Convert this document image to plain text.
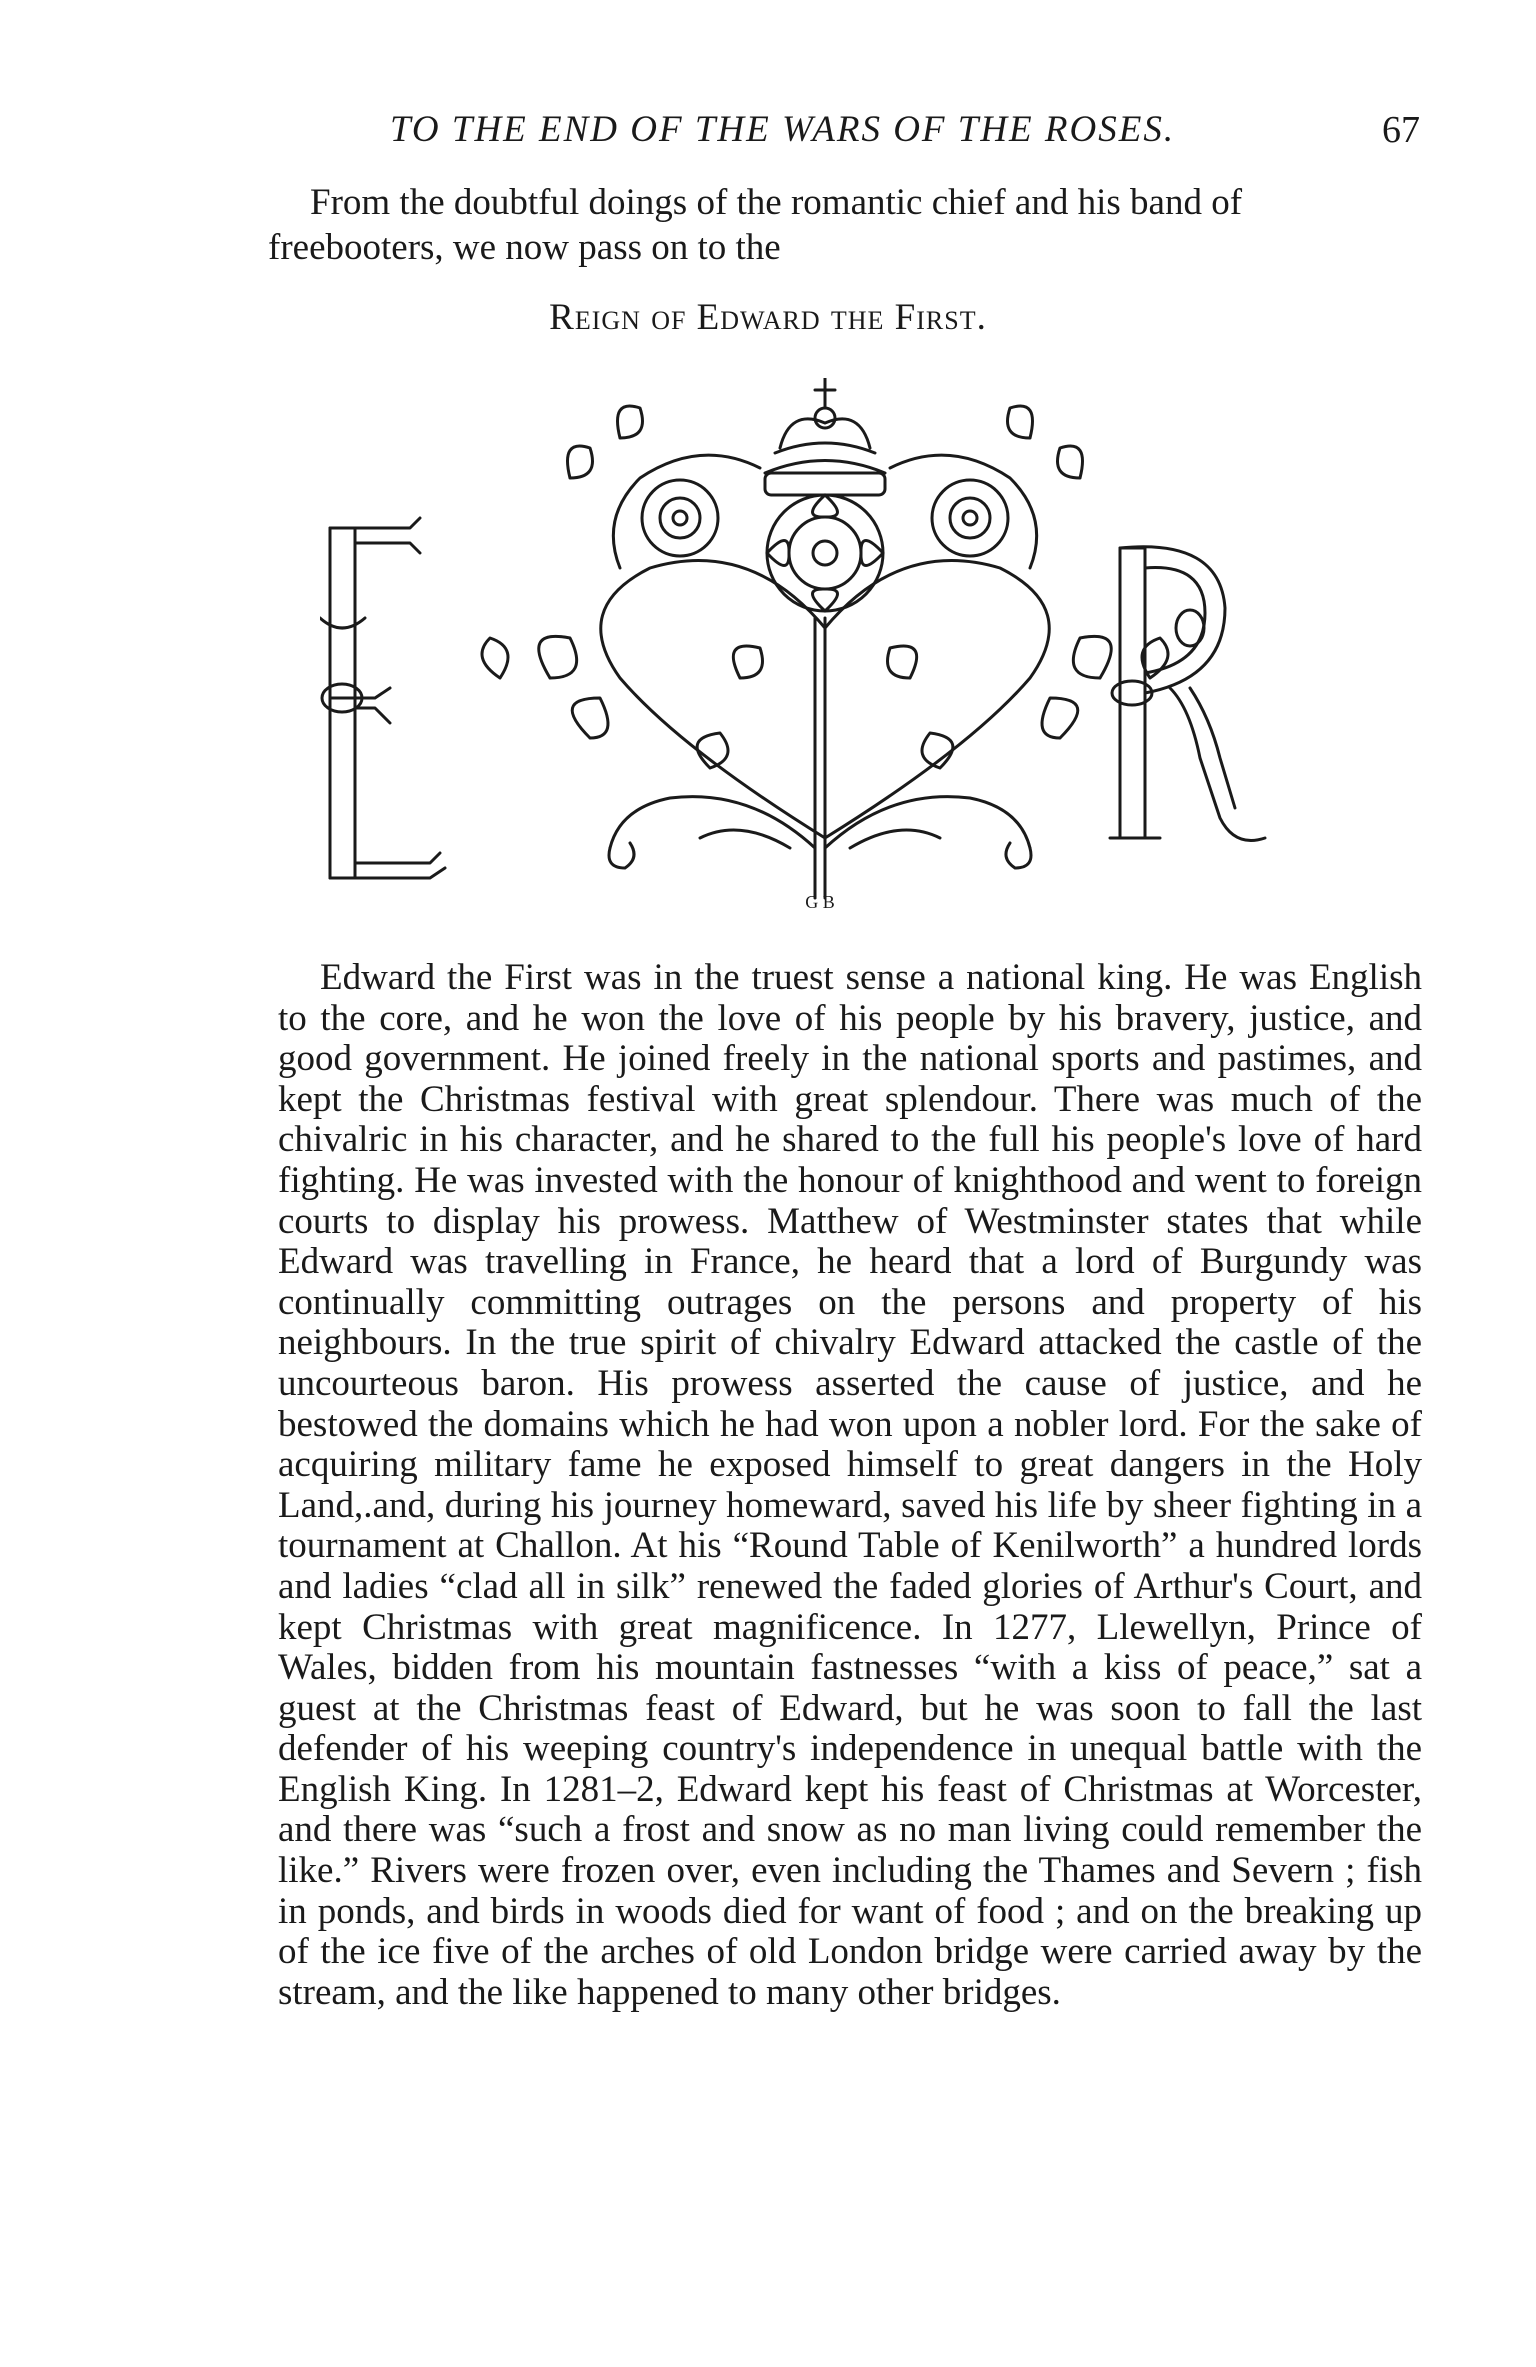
TO THE END OF THE WARS OF THE ROSES.	67

From the doubtful doings of the romantic chief and his band of freebooters, we now pass on to the

Reign of Edward the First.
E
G B
E
R

Edward the First was in the truest sense a national king. He was English to the core, and he won the love of his people by his bravery, justice, and good government. He joined freely in the national sports and pastimes, and kept the Christmas festival with great splendour. There was much of the chivalric in his character, and he shared to the full his people's love of hard fighting. He was invested with the honour of knighthood and went to foreign courts to display his prowess. Matthew of Westminster states that while Edward was travelling in France, he heard that a lord of Burgundy was continually committing outrages on the persons and property of his neighbours. In the true spirit of chivalry Edward attacked the castle of the uncourteous baron. His prowess asserted the cause of justice, and he bestowed the domains which he had won upon a nobler lord. For the sake of acquiring military fame he exposed himself to great dangers in the Holy Land,.and, during his journey homeward, saved his life by sheer fighting in a tournament at Challon. At his “Round Table of Kenilworth” a hundred lords and ladies “clad all in silk” renewed the faded glories of Arthur's Court, and kept Christmas with great magnificence. In 1277, Llewellyn, Prince of Wales, bidden from his mountain fastnesses “with a kiss of peace,” sat a guest at the Christmas feast of Edward, but he was soon to fall the last defender of his weeping country's independence in unequal battle with the English King. In 1281–2, Edward kept his feast of Christmas at Worcester, and there was “such a frost and snow as no man living could remember the like.” Rivers were frozen over, even including the Thames and Severn ; fish in ponds, and birds in woods died for want of food ; and on the breaking up of the ice five of the arches of old London bridge were carried away by the stream, and the like happened to many other bridges.
